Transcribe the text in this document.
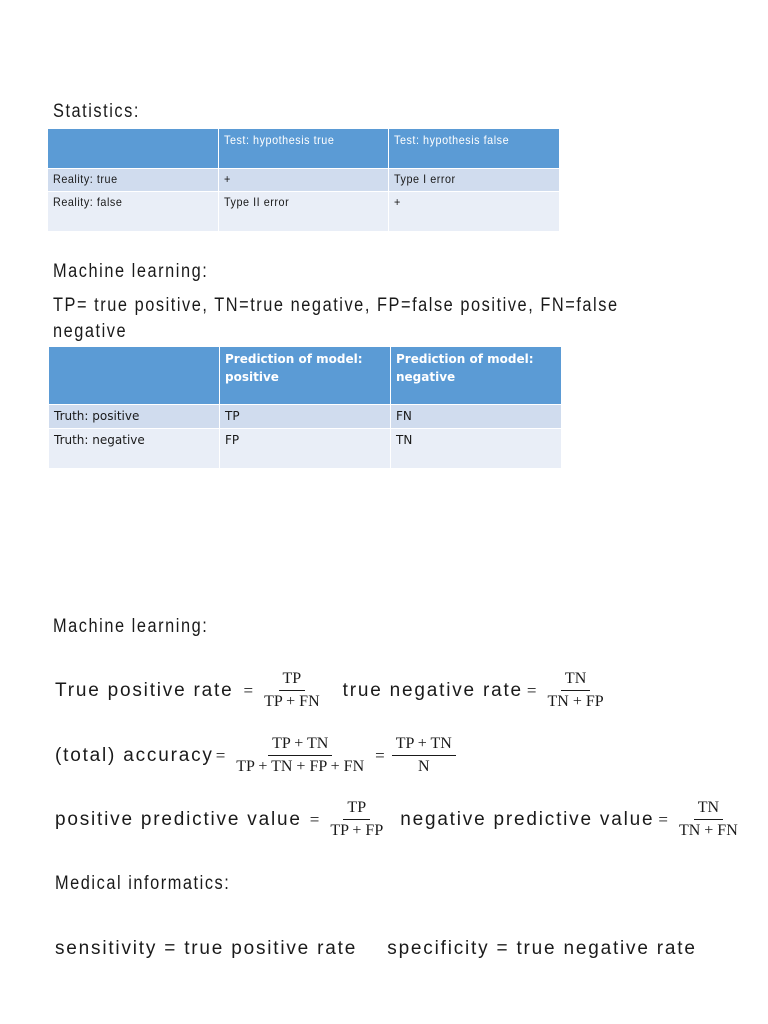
Statistics:
	Test: hypothesis true	Test: hypothesis false
Reality: true	+	Type I error
Reality: false	Type II error	+
Machine learning:
TP= true positive, TN=true negative, FP=false positive, FN=false negative
	Prediction of model: positive	Prediction of model: negative
Truth: positive	TP	FN
Truth: negative	FP	TN
Machine learning:
True positive rate = $\frac{TP}{TP + FN}$ true negative rate = $\frac{TN}{TN + FP}$
(total) accuracy = $\frac{TP + TN}{TP + TN + FP + FN} = \frac{TP + TN}{N}$
positive predictive value = $\frac{TP}{TP + FP}$ negative predictive value = $\frac{TN}{TN + FN}$
Medical informatics:
sensitivity = true positive rate specificity = true negative rate
